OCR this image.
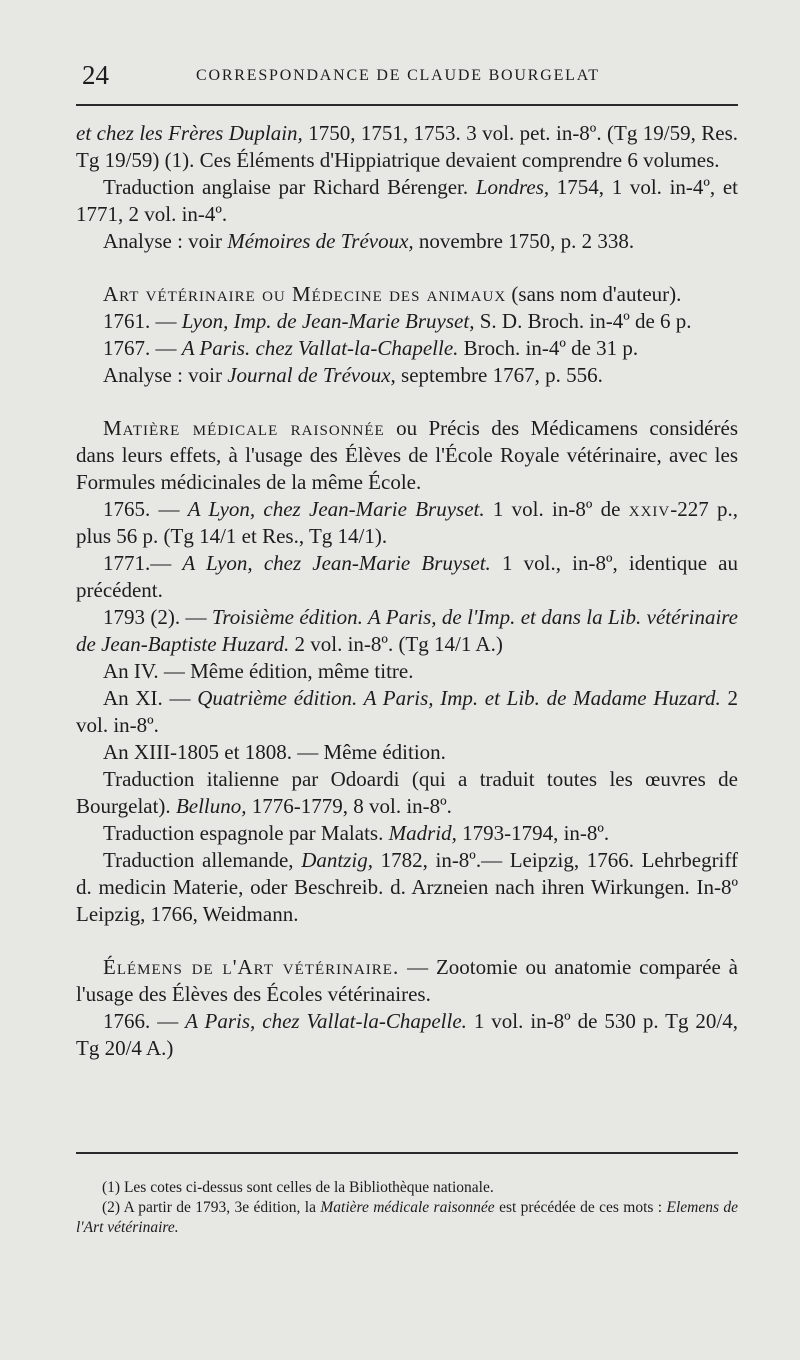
24	CORRESPONDANCE DE CLAUDE BOURGELAT

et chez les Frères Duplain, 1750, 1751, 1753. 3 vol. pet. in-8º. (Tg 19/59, Res. Tg 19/59) (1). Ces Éléments d'Hippiatrique devaient comprendre 6 volumes.

Traduction anglaise par Richard Bérenger. Londres, 1754, 1 vol. in-4º, et 1771, 2 vol. in-4º.

Analyse : voir Mémoires de Trévoux, novembre 1750, p. 2 338.

Art vétérinaire ou Médecine des animaux (sans nom d'auteur).

1761. — Lyon, Imp. de Jean-Marie Bruyset, S. D. Broch. in-4º de 6 p.

1767. — A Paris. chez Vallat-la-Chapelle. Broch. in-4º de 31 p.

Analyse : voir Journal de Trévoux, septembre 1767, p. 556.

Matière médicale raisonnée ou Précis des Médicamens considérés dans leurs effets, à l'usage des Élèves de l'École Royale vétérinaire, avec les Formules médicinales de la même École.

1765. — A Lyon, chez Jean-Marie Bruyset. 1 vol. in-8º de xxiv-227 p., plus 56 p. (Tg 14/1 et Res., Tg 14/1).

1771.— A Lyon, chez Jean-Marie Bruyset. 1 vol., in-8º, identique au précédent.

1793 (2). — Troisième édition. A Paris, de l'Imp. et dans la Lib. vétérinaire de Jean-Baptiste Huzard. 2 vol. in-8º. (Tg 14/1 A.)

An IV. — Même édition, même titre.

An XI. — Quatrième édition. A Paris, Imp. et Lib. de Madame Huzard. 2 vol. in-8º.

An XIII-1805 et 1808. — Même édition.

Traduction italienne par Odoardi (qui a traduit toutes les œuvres de Bourgelat). Belluno, 1776-1779, 8 vol. in-8º.

Traduction espagnole par Malats. Madrid, 1793-1794, in-8º.

Traduction allemande, Dantzig, 1782, in-8º.— Leipzig, 1766. Lehrbegriff d. medicin Materie, oder Beschreib. d. Arzneien nach ihren Wirkungen. In-8º Leipzig, 1766, Weidmann.

Élémens de l'Art vétérinaire. — Zootomie ou anatomie comparée à l'usage des Élèves des Écoles vétérinaires.

1766. — A Paris, chez Vallat-la-Chapelle. 1 vol. in-8º de 530 p. Tg 20/4, Tg 20/4 A.)

(1) Les cotes ci-dessus sont celles de la Bibliothèque nationale.

(2) A partir de 1793, 3e édition, la Matière médicale raisonnée est précédée de ces mots : Elemens de l'Art vétérinaire.
